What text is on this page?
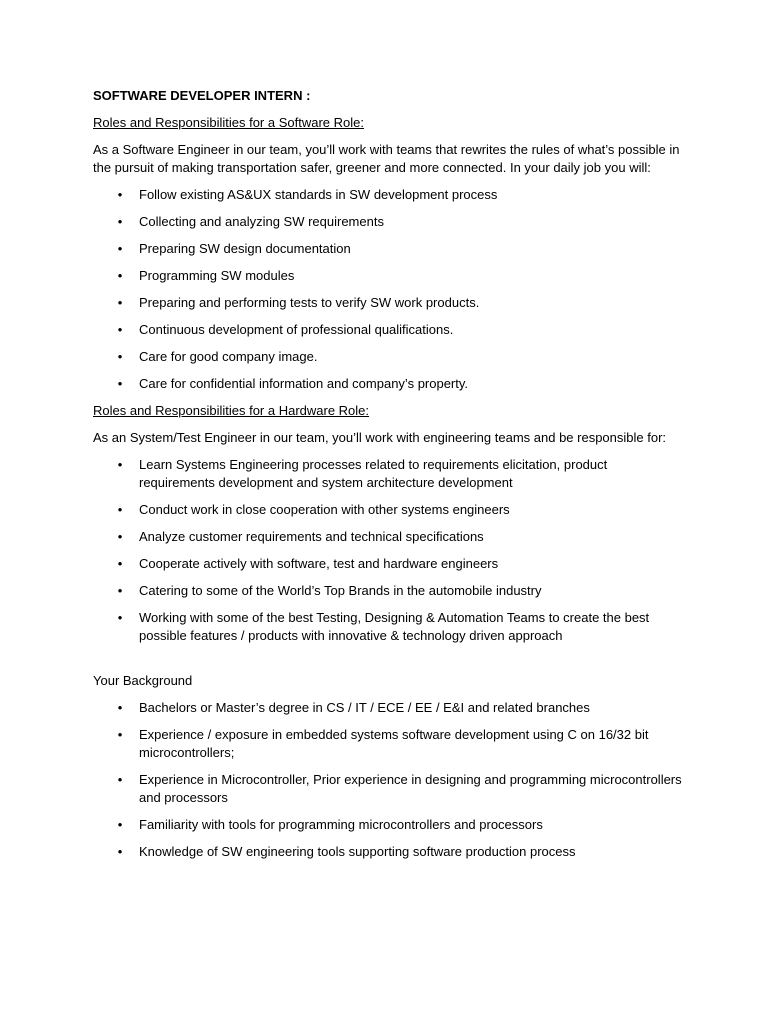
SOFTWARE DEVELOPER INTERN :
Roles and Responsibilities for a Software Role:
As a Software Engineer in our team, you’ll work with teams that rewrites the rules of what’s possible in the pursuit of making transportation safer, greener and more connected. In your daily job you will:
• Follow existing AS&UX standards in SW development process
• Collecting and analyzing SW requirements
• Preparing SW design documentation
• Programming SW modules
• Preparing and performing tests to verify SW work products.
• Continuous development of professional qualifications.
• Care for good company image.
• Care for confidential information and company’s property.
Roles and Responsibilities for a Hardware Role:
As an System/Test Engineer in our team, you’ll work with engineering teams and be responsible for:
• Learn Systems Engineering processes related to requirements elicitation, product requirements development and system architecture development
• Conduct work in close cooperation with other systems engineers
• Analyze customer requirements and technical specifications
• Cooperate actively with software, test and hardware engineers
• Catering to some of the World’s Top Brands in the automobile industry
• Working with some of the best Testing, Designing & Automation Teams to create the best possible features / products with innovative & technology driven approach
Your Background
• Bachelors or Master’s degree in CS / IT / ECE / EE / E&I and related branches
• Experience / exposure in embedded systems software development using C on 16/32 bit microcontrollers;
• Experience in Microcontroller, Prior experience in designing and programming microcontrollers and processors
• Familiarity with tools for programming microcontrollers and processors
• Knowledge of SW engineering tools supporting software production process
